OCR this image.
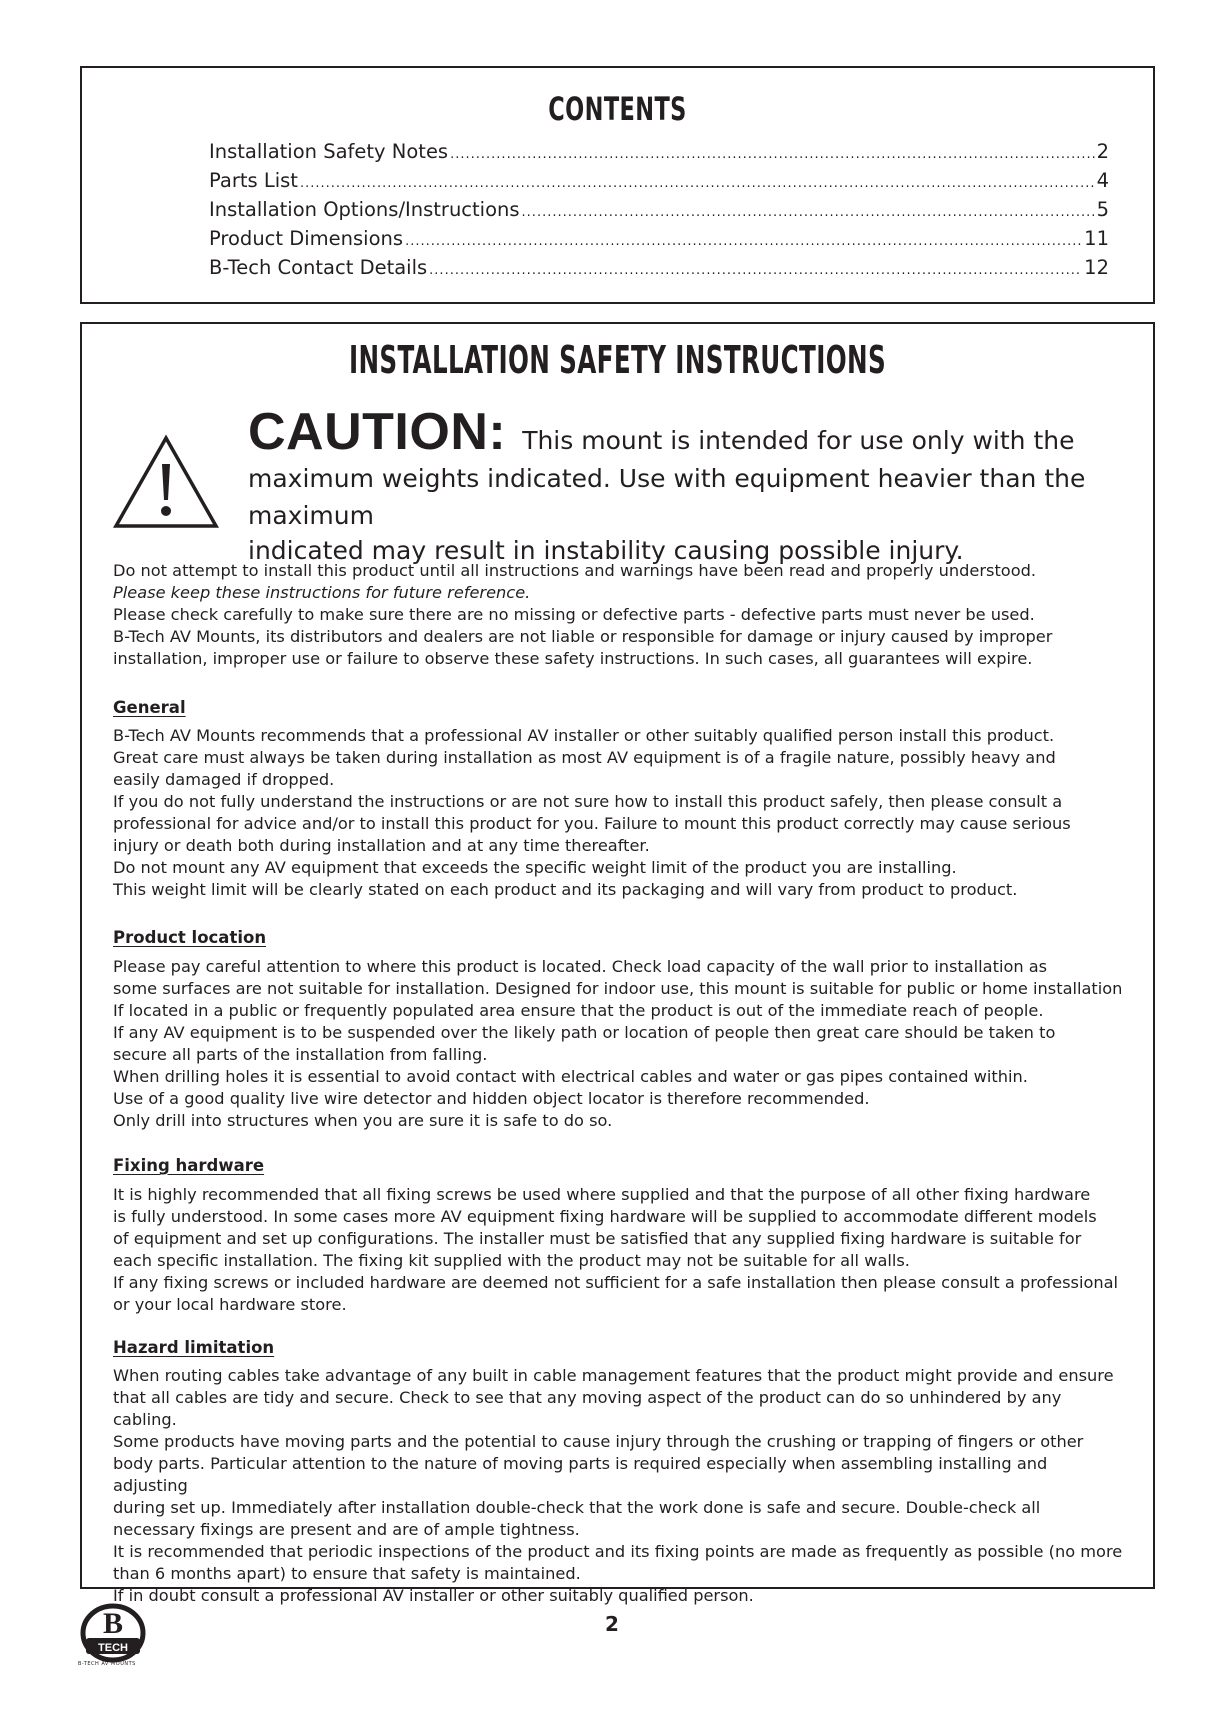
CONTENTS
Installation Safety Notes .....	2
Parts List .....	4
Installation Options/Instructions .....	5
Product Dimensions .....	11
B-Tech Contact Details .....	12
INSTALLATION SAFETY INSTRUCTIONS
CAUTION: This mount is intended for use only with the
maximum weights indicated. Use with equipment heavier than the maximum
indicated may result in instability causing possible injury.

Do not attempt to install this product until all instructions and warnings have been read and properly understood.

Please keep these instructions for future reference.

Please check carefully to make sure there are no missing or defective parts - defective parts must never be used.

B-Tech AV Mounts, its distributors and dealers are not liable or responsible for damage or injury caused by improper

installation, improper use or failure to observe these safety instructions. In such cases, all guarantees will expire.

General

B-Tech AV Mounts recommends that a professional AV installer or other suitably qualified person install this product.

Great care must always be taken during installation as most AV equipment is of a fragile nature, possibly heavy and

easily damaged if dropped.

If you do not fully understand the instructions or are not sure how to install this product safely, then please consult a

professional for advice and/or to install this product for you. Failure to mount this product correctly may cause serious

injury or death both during installation and at any time thereafter.

Do not mount any AV equipment that exceeds the specific weight limit of the product you are installing.

This weight limit will be clearly stated on each product and its packaging and will vary from product to product.

Product location

Please pay careful attention to where this product is located. Check load capacity of the wall prior to installation as

some surfaces are not suitable for installation. Designed for indoor use, this mount is suitable for public or home installation

If located in a public or frequently populated area ensure that the product is out of the immediate reach of people.

If any AV equipment is to be suspended over the likely path or location of people then great care should be taken to

secure all parts of the installation from falling.

When drilling holes it is essential to avoid contact with electrical cables and water or gas pipes contained within.

Use of a good quality live wire detector and hidden object locator is therefore recommended.

Only drill into structures when you are sure it is safe to do so.

Fixing hardware

It is highly recommended that all fixing screws be used where supplied and that the purpose of all other fixing hardware

is fully understood. In some cases more AV equipment fixing hardware will be supplied to accommodate different models

of equipment and set up configurations. The installer must be satisfied that any supplied fixing hardware is suitable for

each specific installation. The fixing kit supplied with the product may not be suitable for all walls.

If any fixing screws or included hardware are deemed not sufficient for a safe installation then please consult a professional

or your local hardware store.

Hazard limitation

When routing cables take advantage of any built in cable management features that the product might provide and ensure

that all cables are tidy and secure. Check to see that any moving aspect of the product can do so unhindered by any cabling.

Some products have moving parts and the potential to cause injury through the crushing or trapping of fingers or other

body parts. Particular attention to the nature of moving parts is required especially when assembling installing and adjusting

during set up. Immediately after installation double-check that the work done is safe and secure. Double-check all

necessary fixings are present and are of ample tightness.

It is recommended that periodic inspections of the product and its fixing points are made as frequently as possible (no more

than 6 months apart) to ensure that safety is maintained.

If in doubt consult a professional AV installer or other suitably qualified person.

B
TECH
B-TECH AV MOUNTS
2
